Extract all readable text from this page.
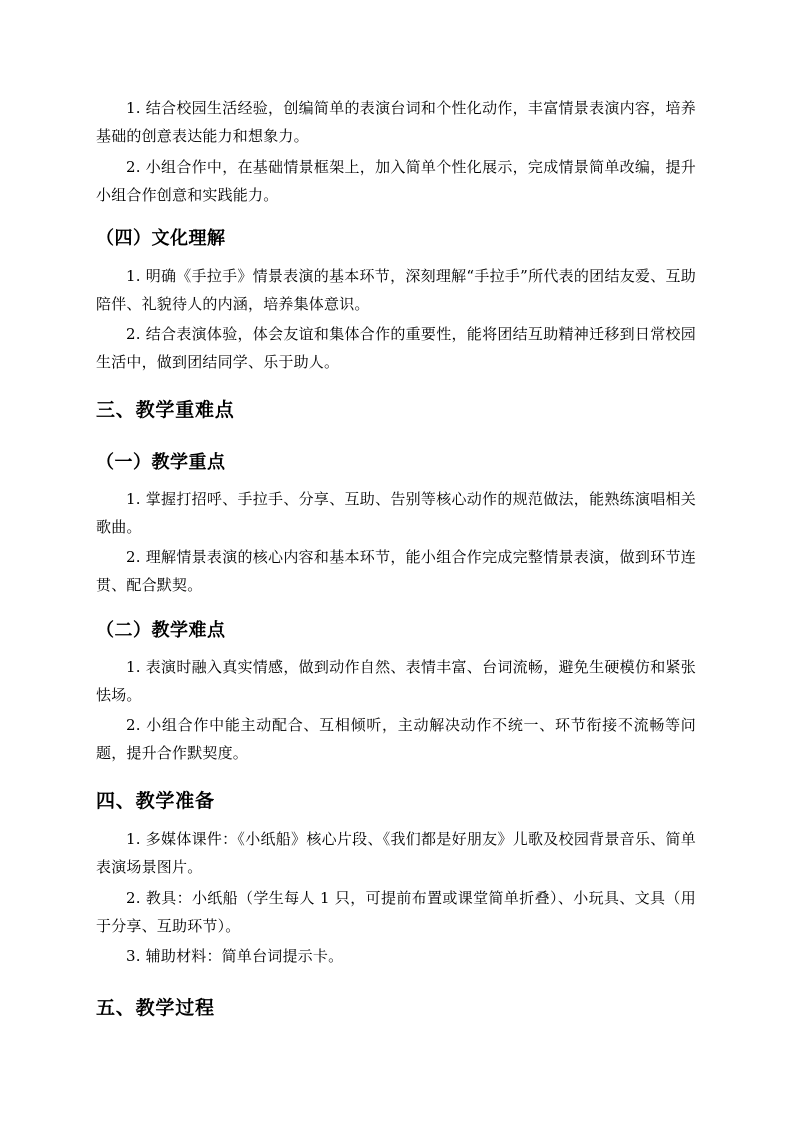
1. 结合校园生活经验，创编简单的表演台词和个性化动作，丰富情景表演内容，培养基础的创意表达能力和想象力。

2. 小组合作中，在基础情景框架上，加入简单个性化展示，完成情景简单改编，提升小组合作创意和实践能力。

（四）文化理解

1. 明确《手拉手》情景表演的基本环节，深刻理解“手拉手”所代表的团结友爱、互助陪伴、礼貌待人的内涵，培养集体意识。

2. 结合表演体验，体会友谊和集体合作的重要性，能将团结互助精神迁移到日常校园生活中，做到团结同学、乐于助人。

三、教学重难点
（一）教学重点

1. 掌握打招呼、手拉手、分享、互助、告别等核心动作的规范做法，能熟练演唱相关歌曲。

2. 理解情景表演的核心内容和基本环节，能小组合作完成完整情景表演，做到环节连贯、配合默契。

（二）教学难点

1. 表演时融入真实情感，做到动作自然、表情丰富、台词流畅，避免生硬模仿和紧张怯场。

2. 小组合作中能主动配合、互相倾听，主动解决动作不统一、环节衔接不流畅等问题，提升合作默契度。

四、教学准备

1. 多媒体课件：《小纸船》核心片段、《我们都是好朋友》儿歌及校园背景音乐、简单表演场景图片。

2. 教具：小纸船（学生每人 1 只，可提前布置或课堂简单折叠）、小玩具、文具（用于分享、互助环节）。

3. 辅助材料：简单台词提示卡。

五、教学过程
